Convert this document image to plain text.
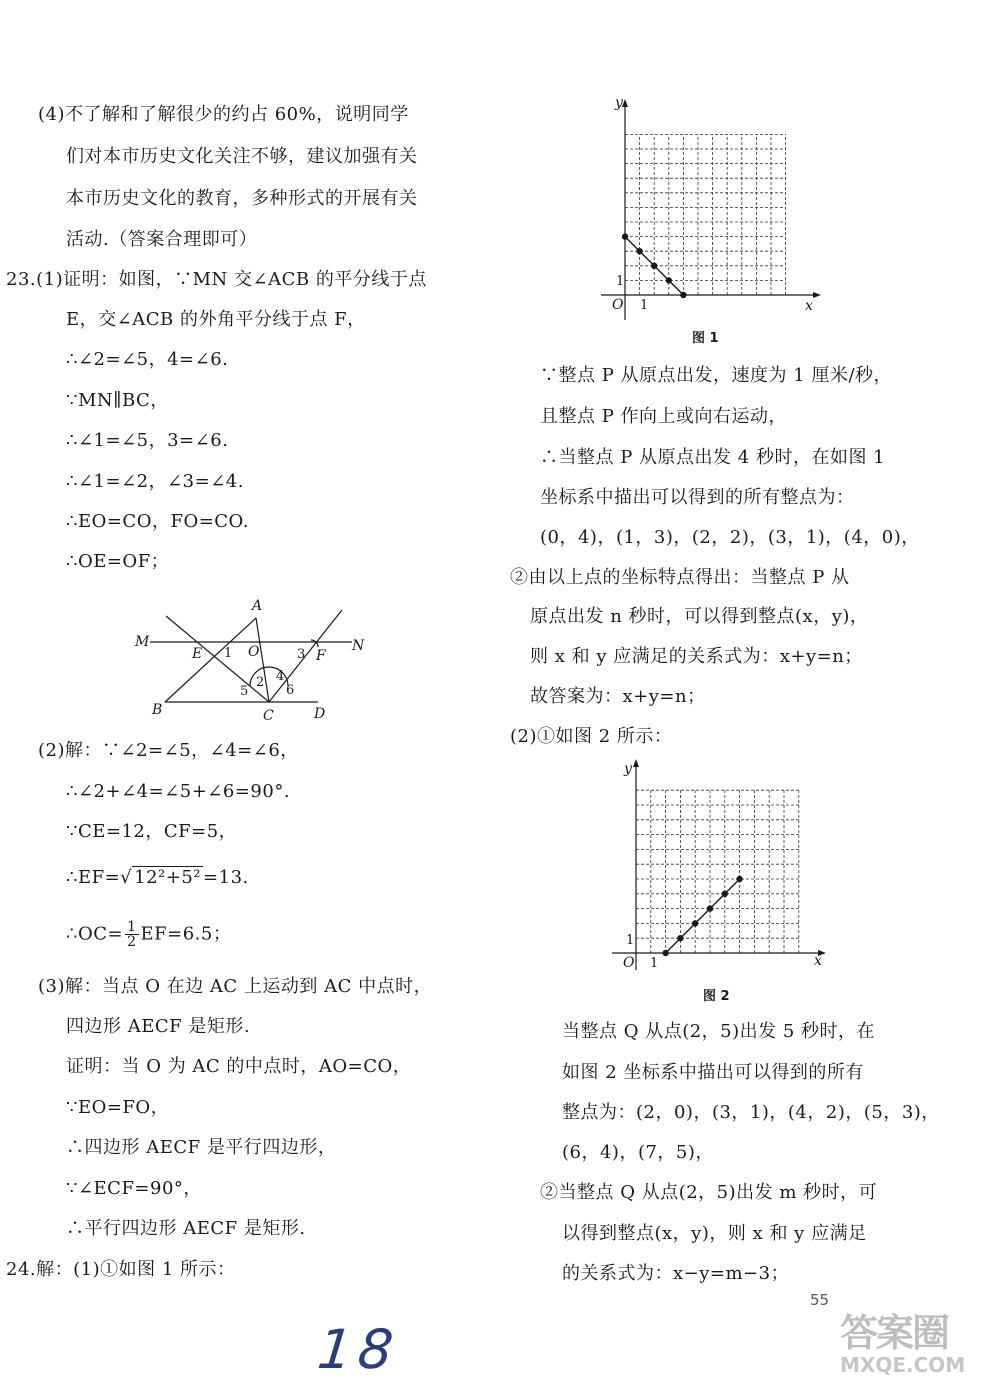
(4)不了解和了解很少的约占 60%，说明同学
们对本市历史文化关注不够，建议加强有关
本市历史文化的教育，多种形式的开展有关
活动.（答案合理即可）
23.(1)证明：如图，∵MN 交∠ACB 的平分线于点
E，交∠ACB 的外角平分线于点 F，
∴∠2=∠5，4=∠6.
∵MN∥BC，
∴∠1=∠5，3=∠6.
∴∠1=∠2，∠3=∠4.
∴EO=CO，FO=CO.
∴OE=OF；
A
M	N
E	O	F
B	C	D
1
2
3
4
5	6
(2)解：∵∠2=∠5，∠4=∠6，
∴∠2+∠4=∠5+∠6=90°.
∵CE=12，CF=5，
∴EF=√ 12²+5² =13.
∴OC= $\frac{1}{2} EF=6.5$；
(3)解：当点 O 在边 AC 上运动到 AC 中点时，
四边形 AECF 是矩形.
证明：当 O 为 AC 的中点时，AO=CO，
∵EO=FO，
∴四边形 AECF 是平行四边形，
∵∠ECF=90°，
∴平行四边形 AECF 是矩形.
24.解：(1)①如图 1 所示：
x
y
O 1
1
图 1
∵整点 P 从原点出发，速度为 1 厘米/秒，
且整点 P 作向上或向右运动，
∴当整点 P 从原点出发 4 秒时，在如图 1
坐标系中描出可以得到的所有整点为：
(0，4)，(1，3)，(2，2)，(3，1)，(4，0)，
②由以上点的坐标特点得出：当整点 P 从
原点出发 n 秒时，可以得到整点(x，y)，
则 x 和 y 应满足的关系式为：x+y=n；
故答案为：x+y=n；
(2)①如图 2 所示：
x
y
O 1
1
图 2
当整点 Q 从点(2，5)出发 5 秒时，在
如图 2 坐标系中描出可以得到的所有
整点为：(2，0)，(3，1)，(4，2)，(5，3)，
(6，4)，(7，5)，
②当整点 Q 从点(2，5)出发 m 秒时，可
以得到整点(x，y)，则 x 和 y 应满足
的关系式为：x−y=m−3；
55
18	答案圈
MXQE.COM
